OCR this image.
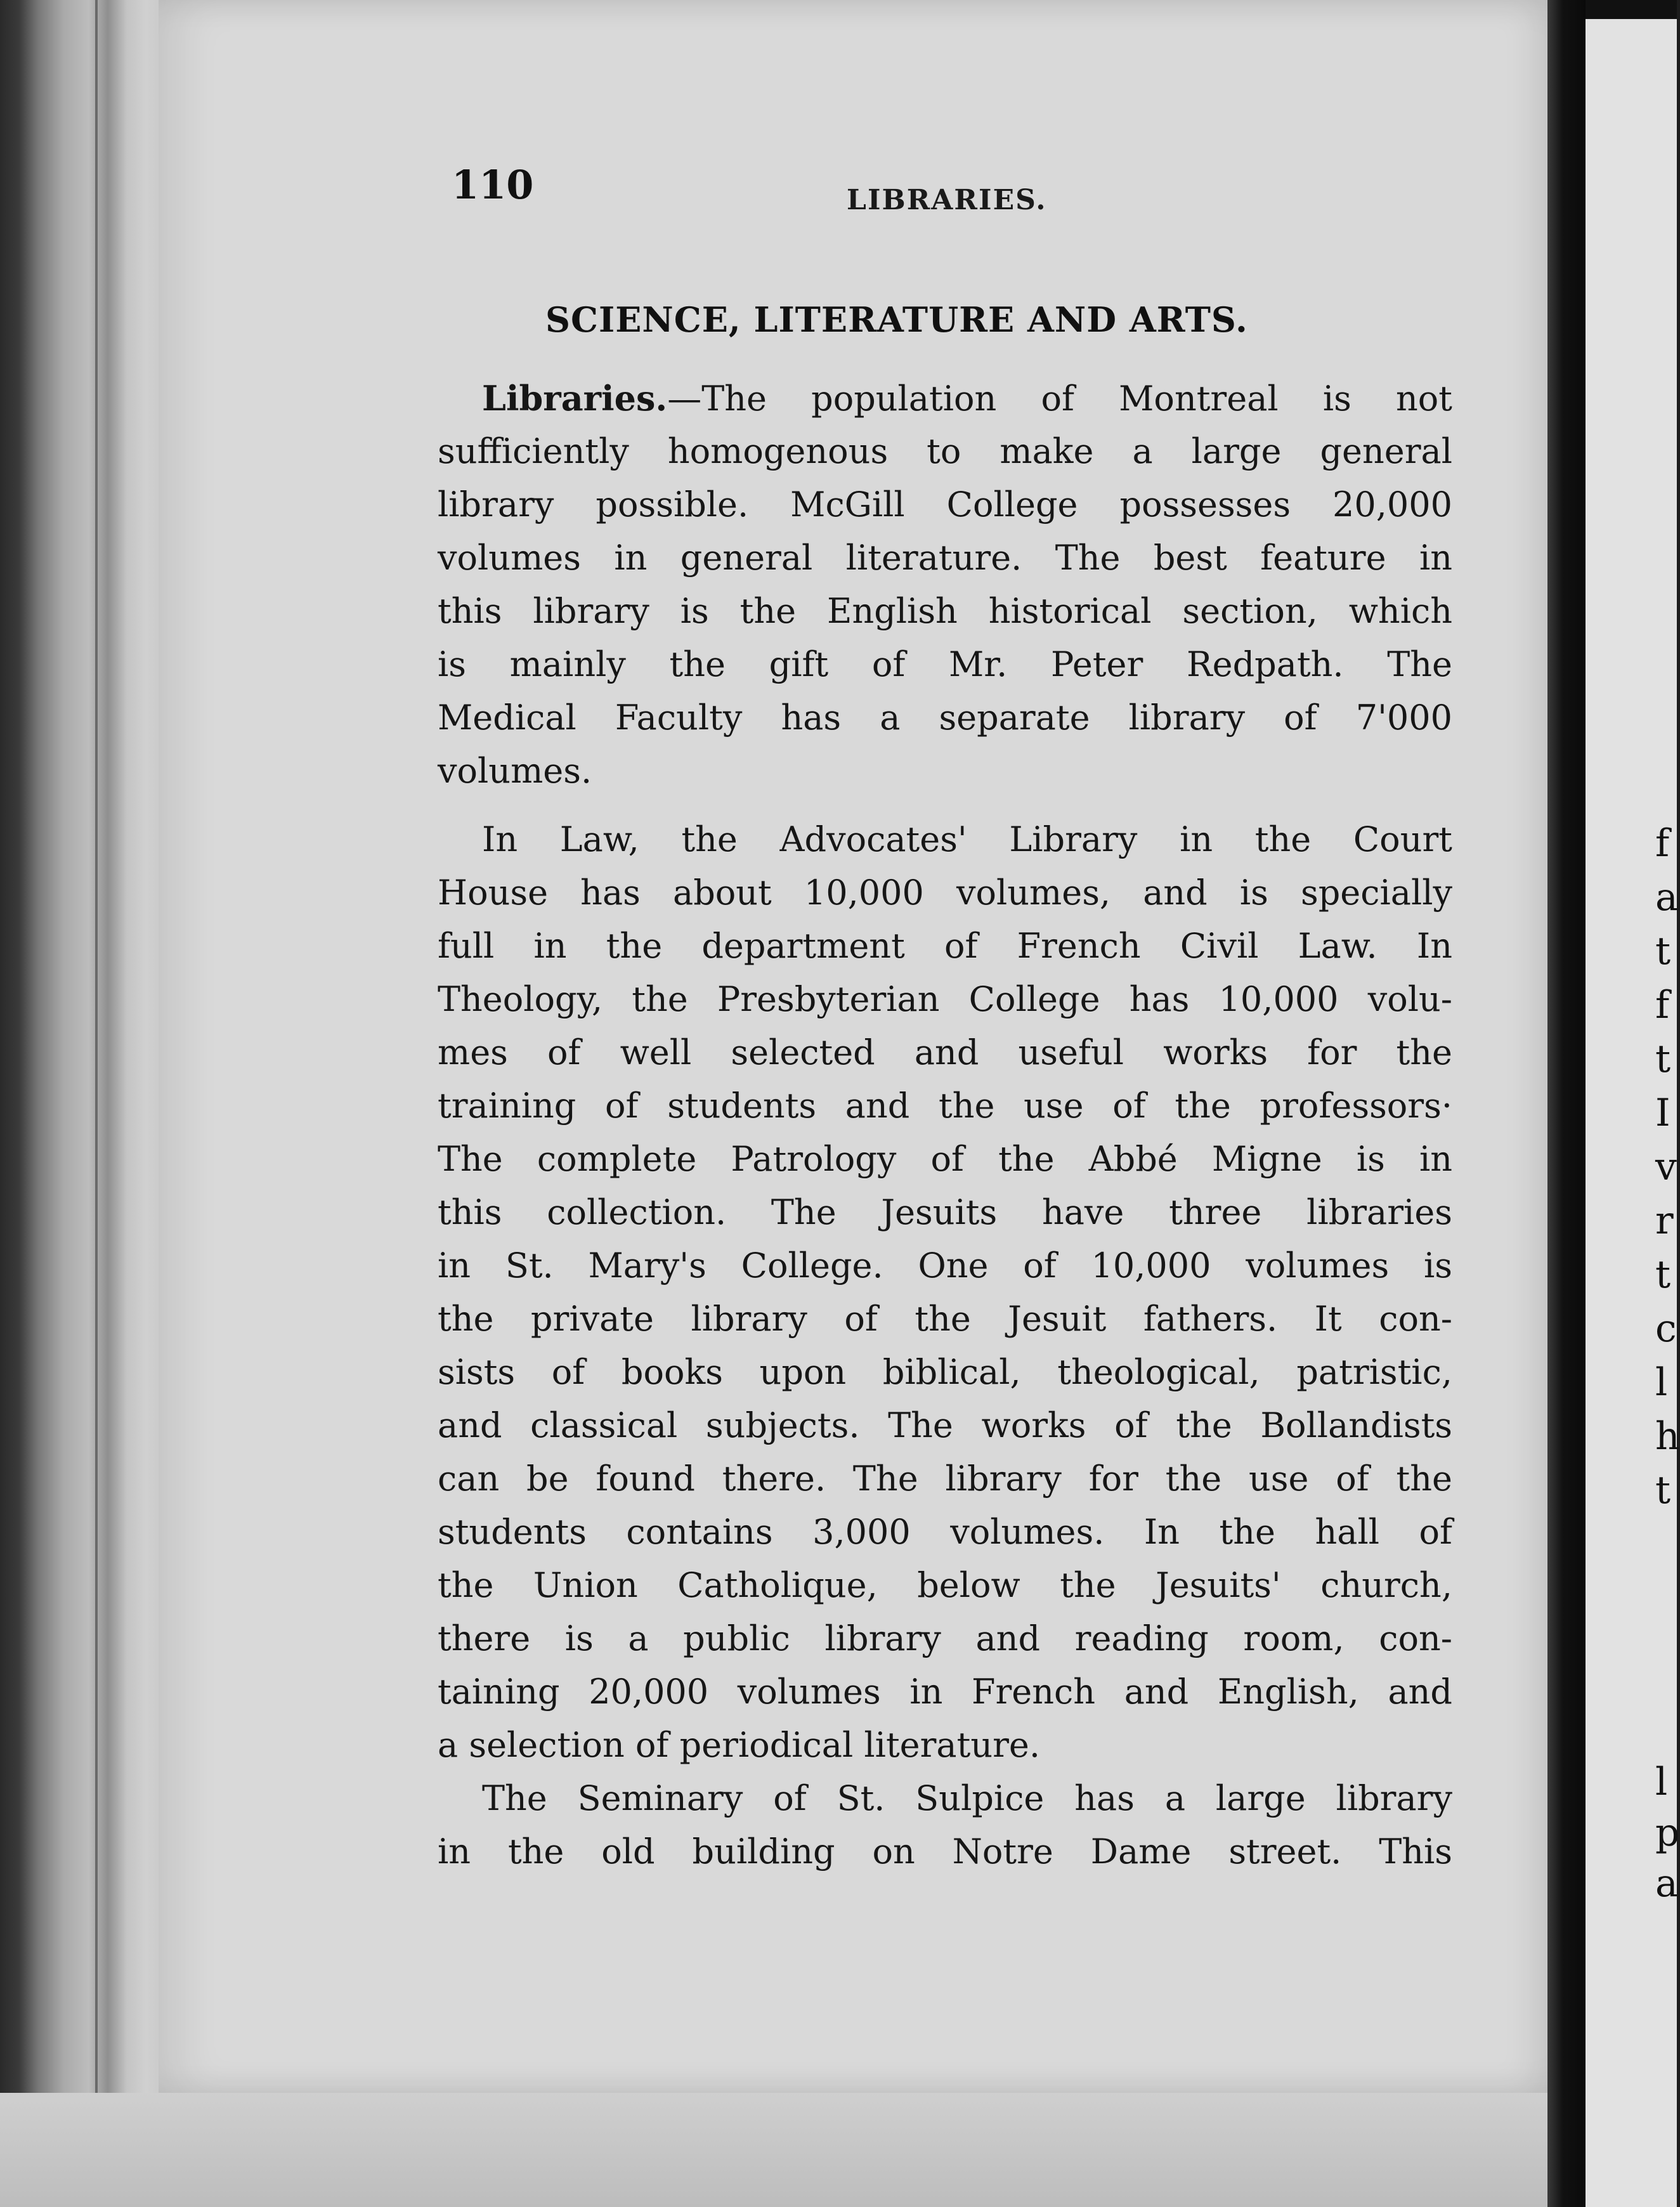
f
a
t
f
t
I
v
r
t
c
l
h
t
l
p
a
110	LIBRARIES.
SCIENCE, LITERATURE AND ARTS.
Libraries.—The population of Montreal is not
sufficiently homogenous to make a large general
library possible. McGill College possesses 20,000
volumes in general literature. The best feature in
this library is the English historical section, which
is mainly the gift of Mr. Peter Redpath. The
Medical Faculty has a separate library of 7'000
volumes.
In Law, the Advocates' Library in the Court
House has about 10,000 volumes, and is specially
full in the department of French Civil Law. In
Theology, the Presbyterian College has 10,000 volu-
mes of well selected and useful works for the
training of students and the use of the professors·
The complete Patrology of the Abbé Migne is in
this collection. The Jesuits have three libraries
in St. Mary's College. One of 10,000 volumes is
the private library of the Jesuit fathers. It con-
sists of books upon biblical, theological, patristic,
and classical subjects. The works of the Bollandists
can be found there. The library for the use of the
students contains 3,000 volumes. In the hall of
the Union Catholique, below the Jesuits' church,
there is a public library and reading room, con-
taining 20,000 volumes in French and English, and
a selection of periodical literature.
The Seminary of St. Sulpice has a large library
in the old building on Notre Dame street. This
